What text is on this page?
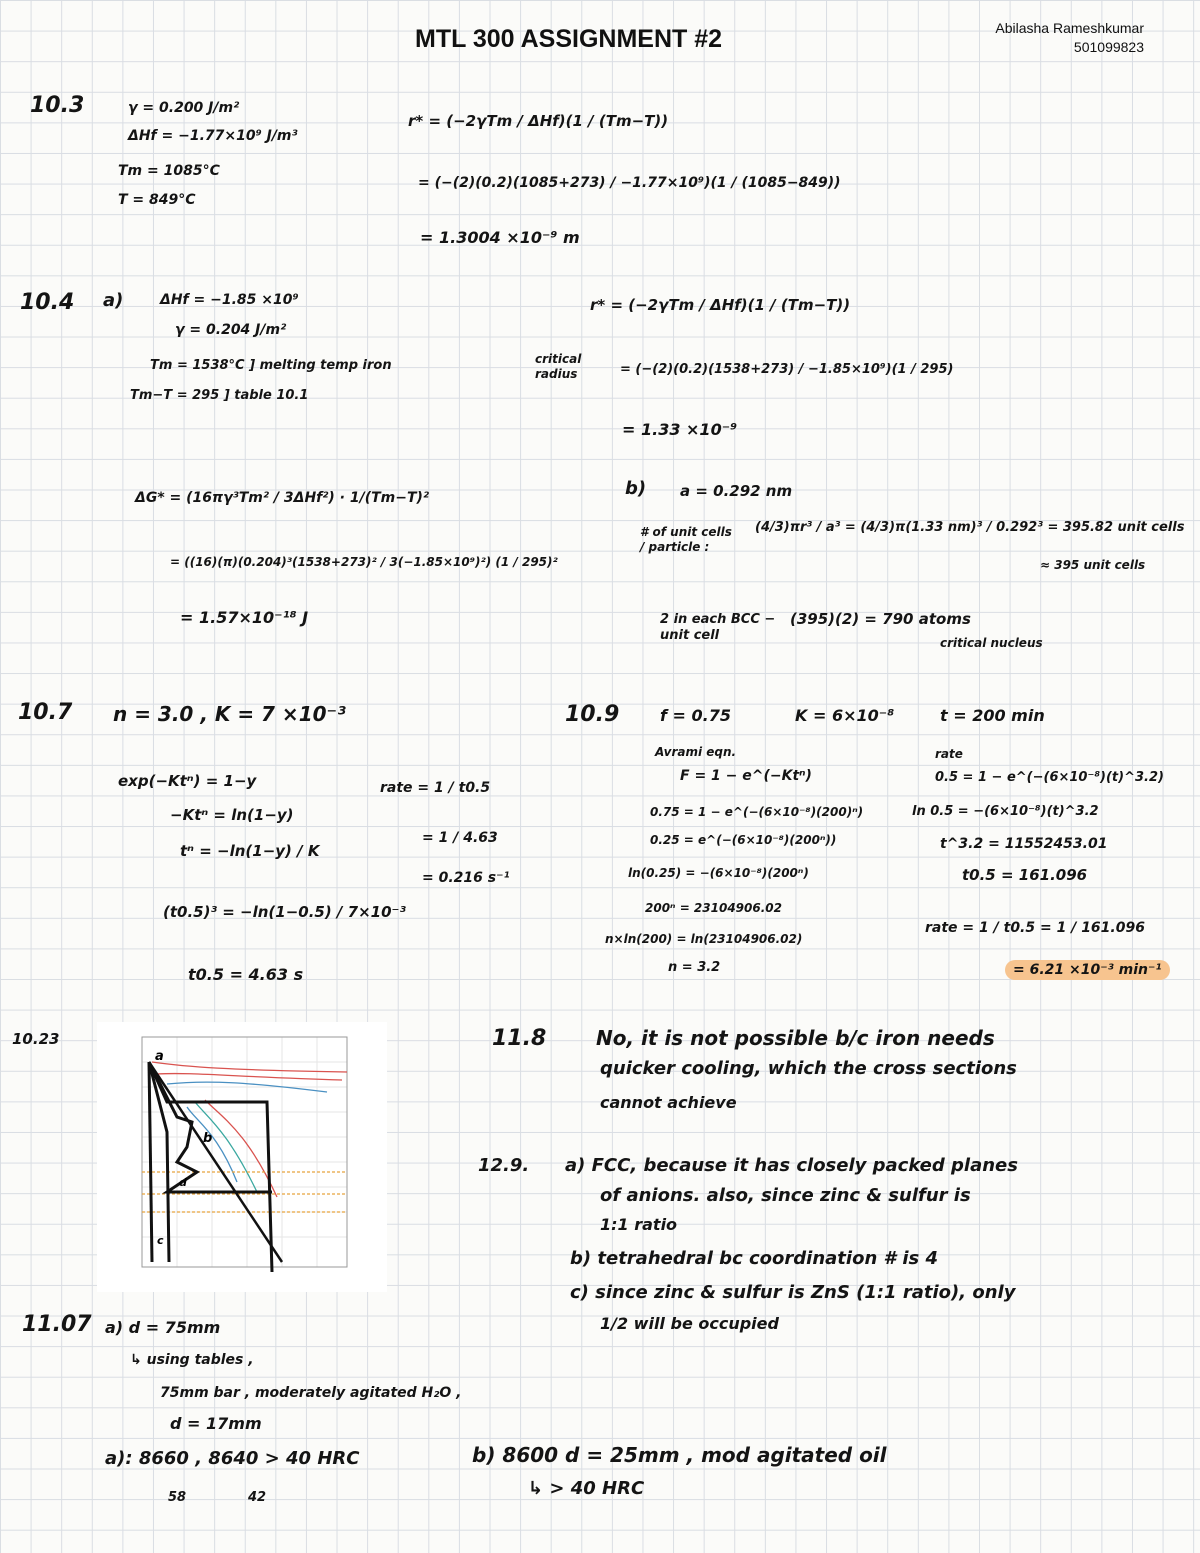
MTL 300 ASSIGNMENT #2	Abilasha Rameshkumar
501099823
10.3	γ = 0.200 J/m²
ΔHf = −1.77×10⁹ J/m³
Tm = 1085°C
T = 849°C
r* = (−2γTm / ΔHf)(1 / (Tm−T))
= (−(2)(0.2)(1085+273) / −1.77×10⁹)(1 / (1085−849))
= 1.3004 ×10⁻⁹ m
10.4 a)	ΔHf = −1.85 ×10⁹
γ = 0.204 J/m²
Tm = 1538°C ] melting temp iron
Tm−T = 295 ] table 10.1
critical radius
r* = (−2γTm / ΔHf)(1 / (Tm−T))
= (−(2)(0.2)(1538+273) / −1.85×10⁹)(1 / 295)
= 1.33 ×10⁻⁹
ΔG* = (16πγ³Tm² / 3ΔHf²) · 1/(Tm−T)²
= ((16)(π)(0.204)³(1538+273)² / 3(−1.85×10⁹)²) (1 / 295)²
= 1.57×10⁻¹⁸ J
b) a = 0.292 nm
# of unit cells / particle :
(4/3)πr³ / a³ = (4/3)π(1.33 nm)³ / 0.292³ = 395.82 unit cells
≈ 395 unit cells
2 in each BCC − unit cell
(395)(2) = 790 atoms
critical nucleus
10.7 n = 3.0 , K = 7 ×10⁻³
exp(−Ktⁿ) = 1−y
−Ktⁿ = ln(1−y)
tⁿ = −ln(1−y) / K
(t0.5)³ = −ln(1−0.5) / 7×10⁻³
t0.5 = 4.63 s
rate = 1 / t0.5
= 1 / 4.63
= 0.216 s⁻¹
10.9	f = 0.75	K = 6×10⁻⁸	t = 200 min
Avrami eqn.
F = 1 − e^(−Ktⁿ)
0.75 = 1 − e^(−(6×10⁻⁸)(200)ⁿ)
0.25 = e^(−(6×10⁻⁸)(200ⁿ))
ln(0.25) = −(6×10⁻⁸)(200ⁿ)
200ⁿ = 23104906.02
n×ln(200) = ln(23104906.02)
n = 3.2
rate
0.5 = 1 − e^(−(6×10⁻⁸)(t)^3.2)
ln 0.5 = −(6×10⁻⁸)(t)^3.2
t^3.2 = 11552453.01
t0.5 = 161.096
rate = 1 / t0.5 = 1 / 161.096
= 6.21 ×10⁻³ min⁻¹
10.23
a
b
c
d
11.8 No, it is not possible b/c iron needs
quicker cooling, which the cross sections
cannot achieve
12.9. a) FCC, because it has closely packed planes
of anions. also, since zinc & sulfur is
1:1 ratio
b) tetrahedral bc coordination # is 4
c) since zinc & sulfur is ZnS (1:1 ratio), only
1/2 will be occupied
11.07 a) d = 75mm
↳ using tables ,
75mm bar , moderately agitated H₂O ,
d = 17mm
a): 8660 , 8640 > 40 HRC
58	42
b) 8600 d = 25mm , mod agitated oil
↳ > 40 HRC
